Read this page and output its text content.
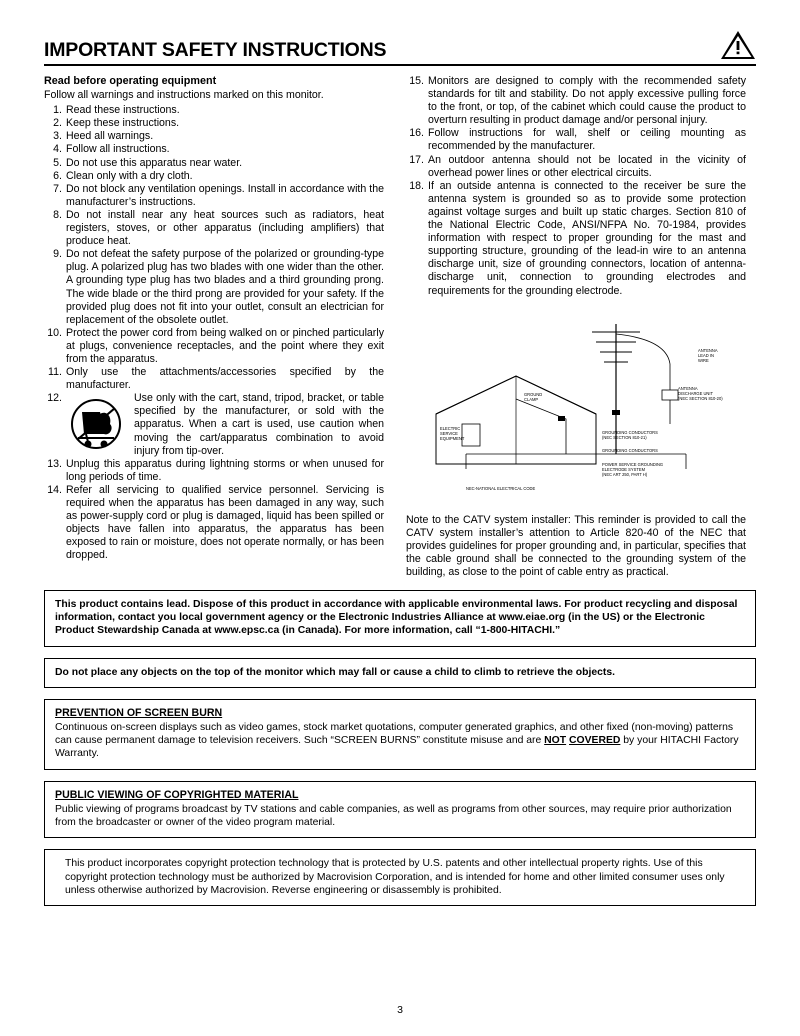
IMPORTANT SAFETY INSTRUCTIONS
Read before operating equipment
Follow all warnings and instructions marked on this monitor.
1. Read these instructions.
2. Keep these instructions.
3. Heed all warnings.
4. Follow all instructions.
5. Do not use this apparatus near water.
6. Clean only with a dry cloth.
7. Do not block any ventilation openings. Install in accordance with the manufacturer’s instructions.
8. Do not install near any heat sources such as radiators, heat registers, stoves, or other apparatus (including amplifiers) that produce heat.
9. Do not defeat the safety purpose of the polarized or grounding-type plug. A polarized plug has two blades with one wider than the other. A grounding type plug has two blades and a third grounding prong. The wide blade or the third prong are provided for your safety. If the provided plug does not fit into your outlet, consult an electrician for replacement of the obsolete outlet.
10. Protect the power cord from being walked on or pinched particularly at plugs, convenience receptacles, and the point where they exit from the apparatus.
11. Only use the attachments/accessories specified by the manufacturer.
12.	Use only with the cart, stand, tripod, bracket, or table specified by the manufacturer, or sold with the apparatus. When a cart is used, use caution when moving the cart/apparatus combination to avoid injury from tip-over.
13. Unplug this apparatus during lightning storms or when unused for long periods of time.
14. Refer all servicing to qualified service personnel. Servicing is required when the apparatus has been damaged in any way, such as power-supply cord or plug is damaged, liquid has been spilled or objects have fallen into apparatus, the apparatus has been exposed to rain or moisture, does not operate normally, or has been dropped.
15. Monitors are designed to comply with the recommended safety standards for tilt and stability. Do not apply excessive pulling force to the front, or top, of the cabinet which could cause the product to overturn resulting in product damage and/or personal injury.
16. Follow instructions for wall, shelf or ceiling mounting as recommended by the manufacturer.
17. An outdoor antenna should not be located in the vicinity of overhead power lines or other electrical circuits.
18. If an outside antenna is connected to the receiver be sure the antenna system is grounded so as to provide some protection against voltage surges and built up static charges. Section 810 of the National Electric Code, ANSI/NFPA No. 70-1984, provides information with respect to proper grounding for the mast and supporting structure, grounding of the lead-in wire to an antenna discharge unit, size of grounding connectors, location of antenna-discharge unit, connection to grounding electrodes and requirements for the grounding electrode.
ANTENNA
LEAD IN
WIRE
ANTENNA
DISCHARGE UNIT
(NEC SECTION 810-20)
GROUND
CLAMP
ELECTRIC
SERVICE
EQUIPMENT
GROUNDING CONDUCTORS
(NEC SECTION 810-21)
GROUNDING CONDUCTORS
POWER SERVICE GROUNDING
ELECTRODE SYSTEM
(NEC ART 250, PART H)
NEC-NATIONAL ELECTRICAL CODE
Note to the CATV system installer: This reminder is provided to call the CATV system installer’s attention to Article 820-40 of the NEC that provides guidelines for proper grounding and, in particular, specifies that the cable ground shall be connected to the grounding system of the building, as close to the point of cable entry as practical.

This product contains lead. Dispose of this product in accordance with applicable environmental laws. For product recycling and disposal information, contact you local government agency or the Electronic Industries Alliance at www.eiae.org (in the US) or the Electronic Product Stewardship Canada at www.epsc.ca (in Canada). For more information, call “1-800-HITACHI.”

Do not place any objects on the top of the monitor which may fall or cause a child to climb to retrieve the objects.

PREVENTION OF SCREEN BURN

Continuous on-screen displays such as video games, stock market quotations, computer generated graphics, and other fixed (non-moving) patterns can cause permanent damage to television receivers. Such “SCREEN BURNS” constitute misuse and are NOT COVERED by your HITACHI Factory Warranty.

PUBLIC VIEWING OF COPYRIGHTED MATERIAL

Public viewing of programs broadcast by TV stations and cable companies, as well as programs from other sources, may require prior authorization from the broadcaster or owner of the video program material.

This product incorporates copyright protection technology that is protected by U.S. patents and other intellectual property rights. Use of this copyright protection technology must be authorized by Macrovision Corporation, and is intended for home and other limited consumer uses only unless otherwise authorized by Macrovision. Reverse engineering or disassembly is prohibited.

3
